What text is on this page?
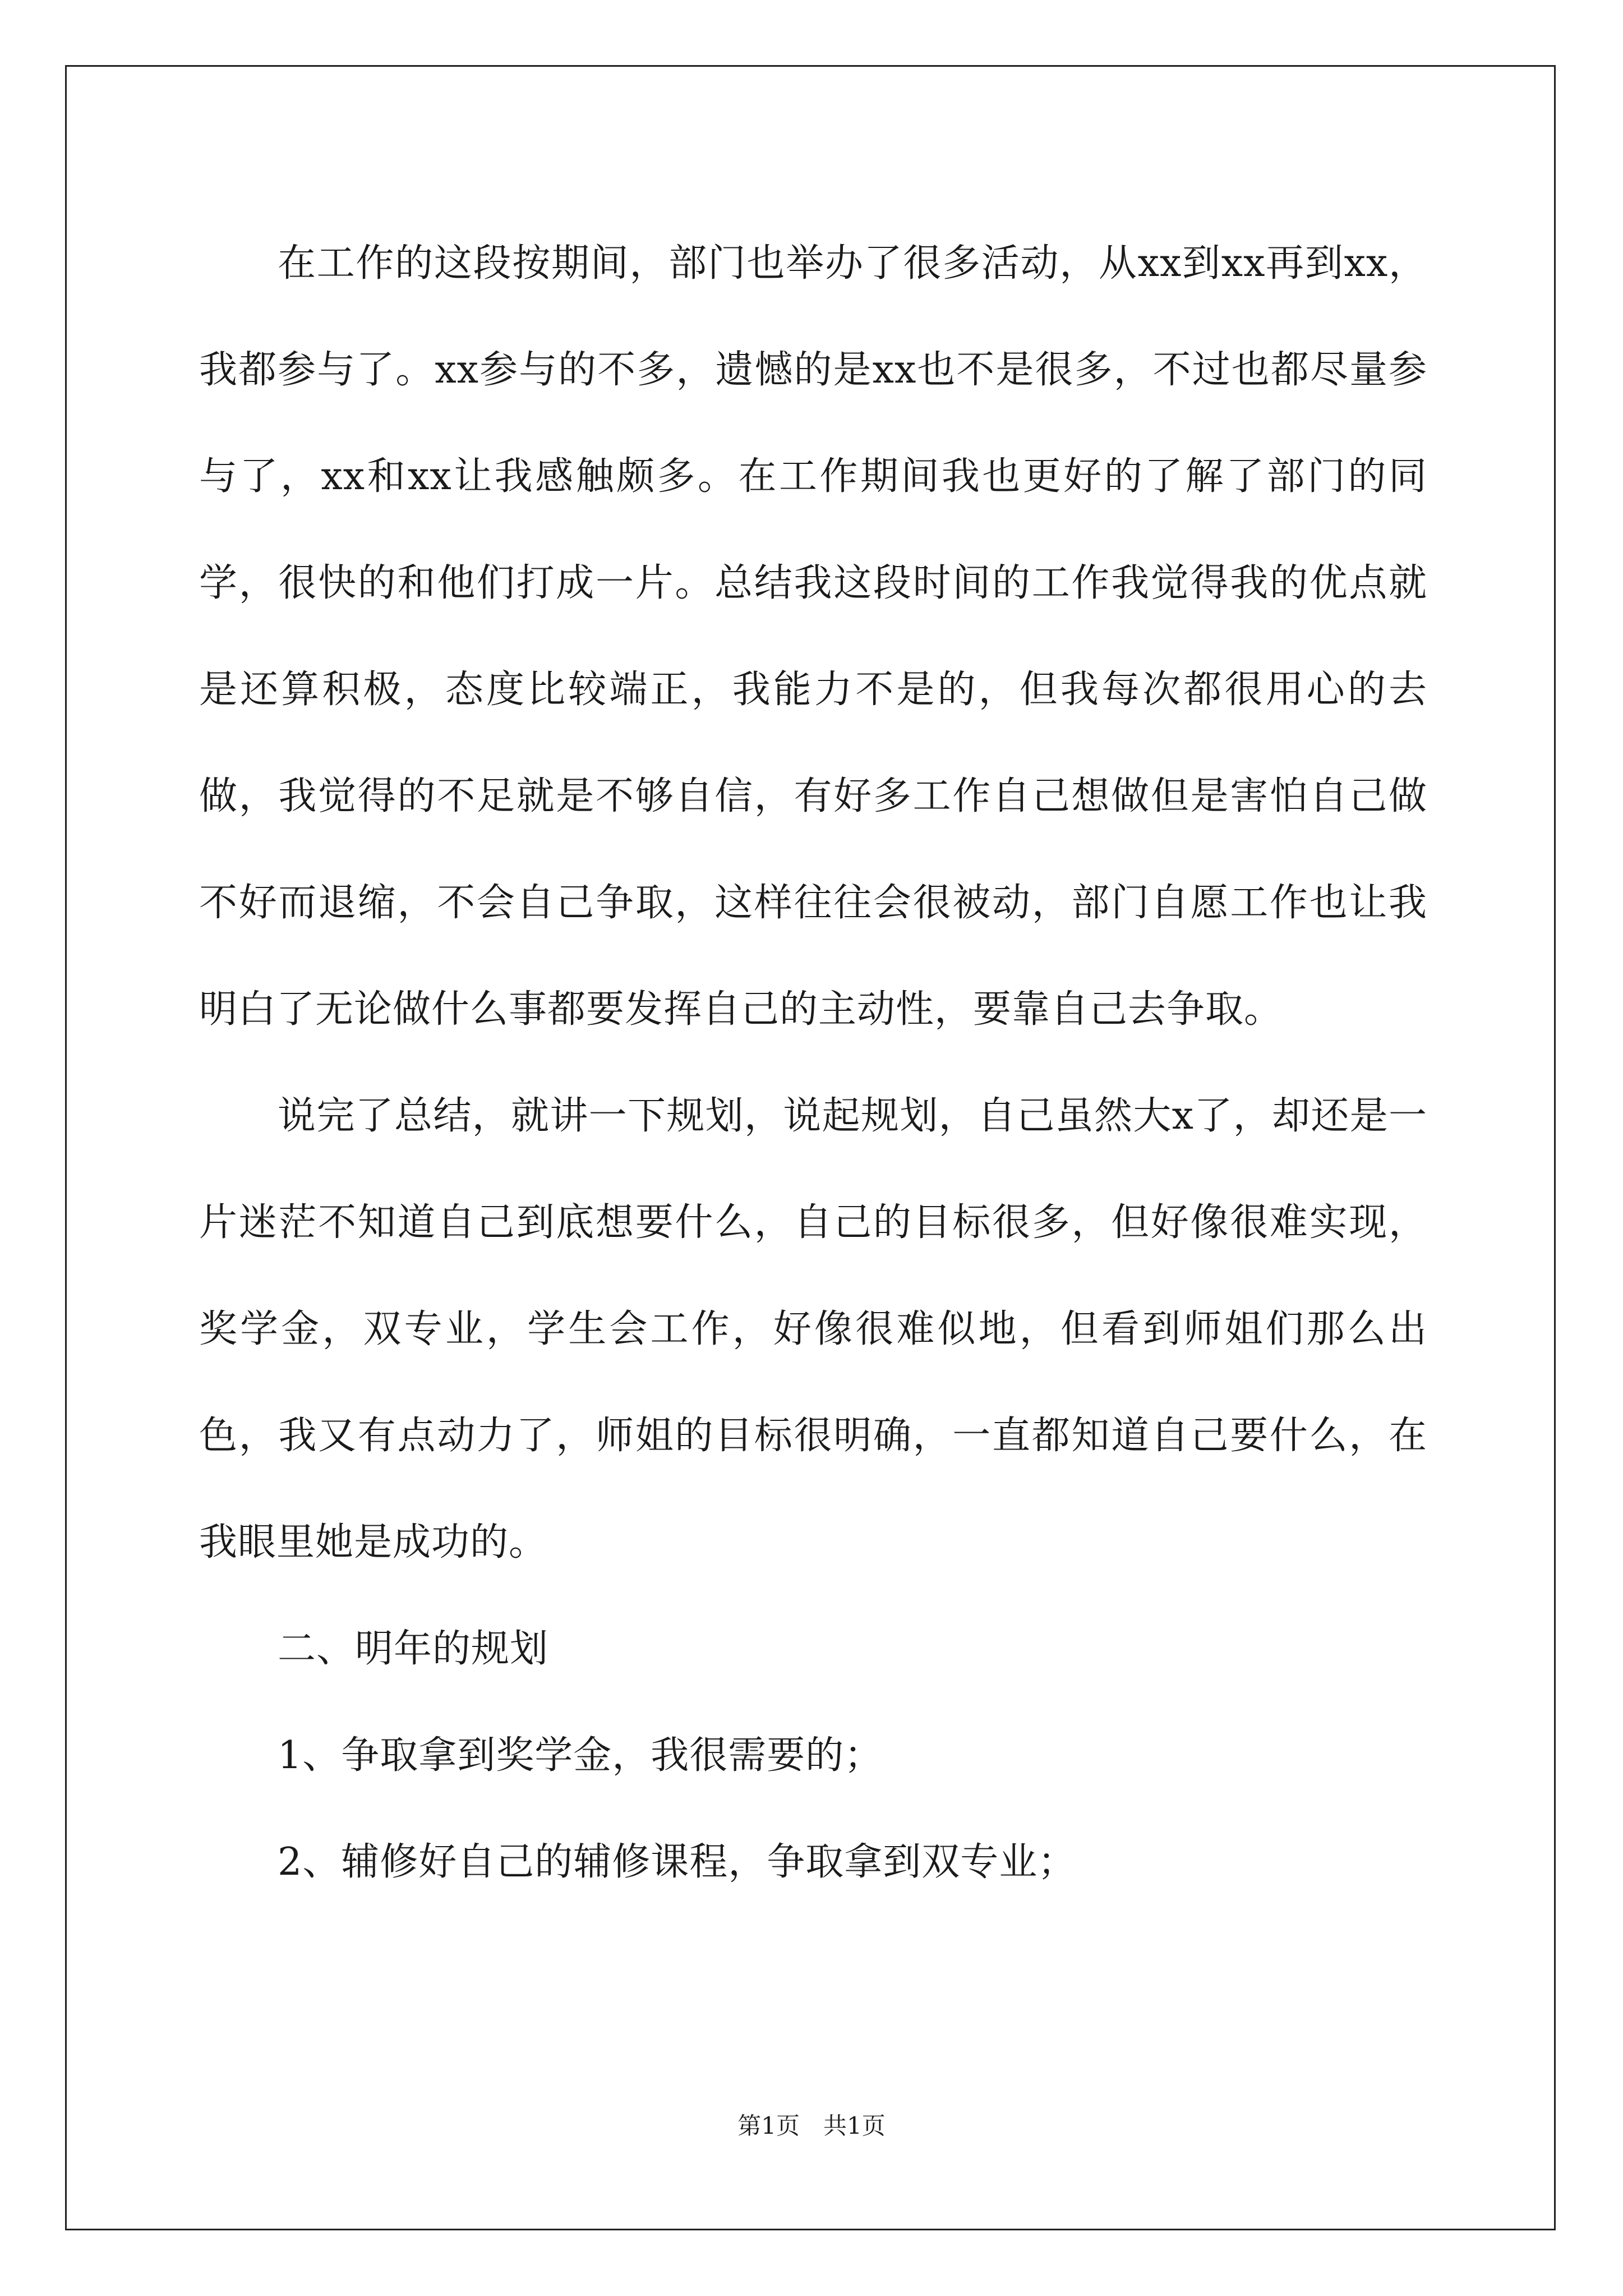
在工作的这段按期间，部门也举办了很多活动，从xx到xx再到xx，我都参与了。xx参与的不多，遗憾的是xx也不是很多，不过也都尽量参与了，xx和xx让我感触颇多。在工作期间我也更好的了解了部门的同学，很快的和他们打成一片。总结我这段时间的工作我觉得我的优点就是还算积极，态度比较端正，我能力不是的，但我每次都很用心的去做，我觉得的不足就是不够自信，有好多工作自己想做但是害怕自己做不好而退缩，不会自己争取，这样往往会很被动，部门自愿工作也让我明白了无论做什么事都要发挥自己的主动性，要靠自己去争取。

说完了总结，就讲一下规划，说起规划，自己虽然大x了，却还是一片迷茫不知道自己到底想要什么，自己的目标很多，但好像很难实现，奖学金，双专业，学生会工作，好像很难似地，但看到师姐们那么出色，我又有点动力了，师姐的目标很明确，一直都知道自己要什么，在我眼里她是成功的。

二、明年的规划

1、争取拿到奖学金，我很需要的；

2、辅修好自己的辅修课程，争取拿到双专业；

第1页　共1页
